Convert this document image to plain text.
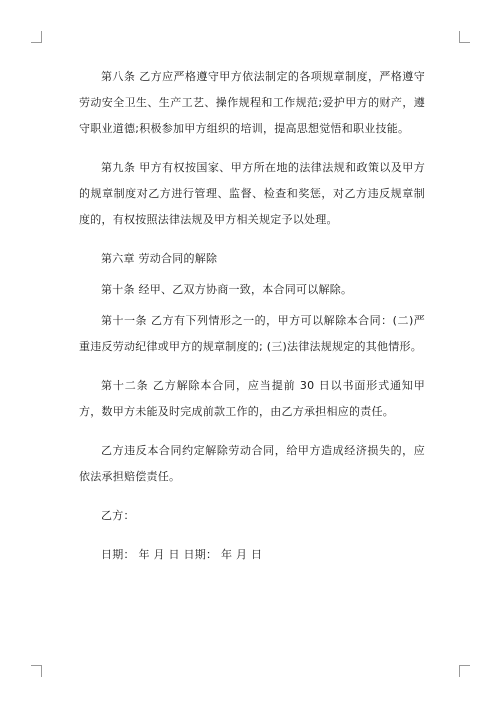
第八条 乙方应严格遵守甲方依法制定的各项规章制度，严格遵守劳动安全卫生、生产工艺、操作规程和工作规范;爱护甲方的财产，遵守职业道德;积极参加甲方组织的培训，提高思想觉悟和职业技能。

第九条 甲方有权按国家、甲方所在地的法律法规和政策以及甲方的规章制度对乙方进行管理、监督、检查和奖惩，对乙方违反规章制度的，有权按照法律法规及甲方相关规定予以处理。

第六章 劳动合同的解除

第十条 经甲、乙双方协商一致，本合同可以解除。

第十一条 乙方有下列情形之一的，甲方可以解除本合同：(二)严重违反劳动纪律或甲方的规章制度的; (三)法律法规规定的其他情形。

第十二条 乙方解除本合同，应当提前 30 日以书面形式通知甲方，数甲方未能及时完成前款工作的，由乙方承担相应的责任。

乙方违反本合同约定解除劳动合同，给甲方造成经济损失的，应依法承担赔偿责任。

乙方：

日期： 年 月 日 日期： 年 月 日
